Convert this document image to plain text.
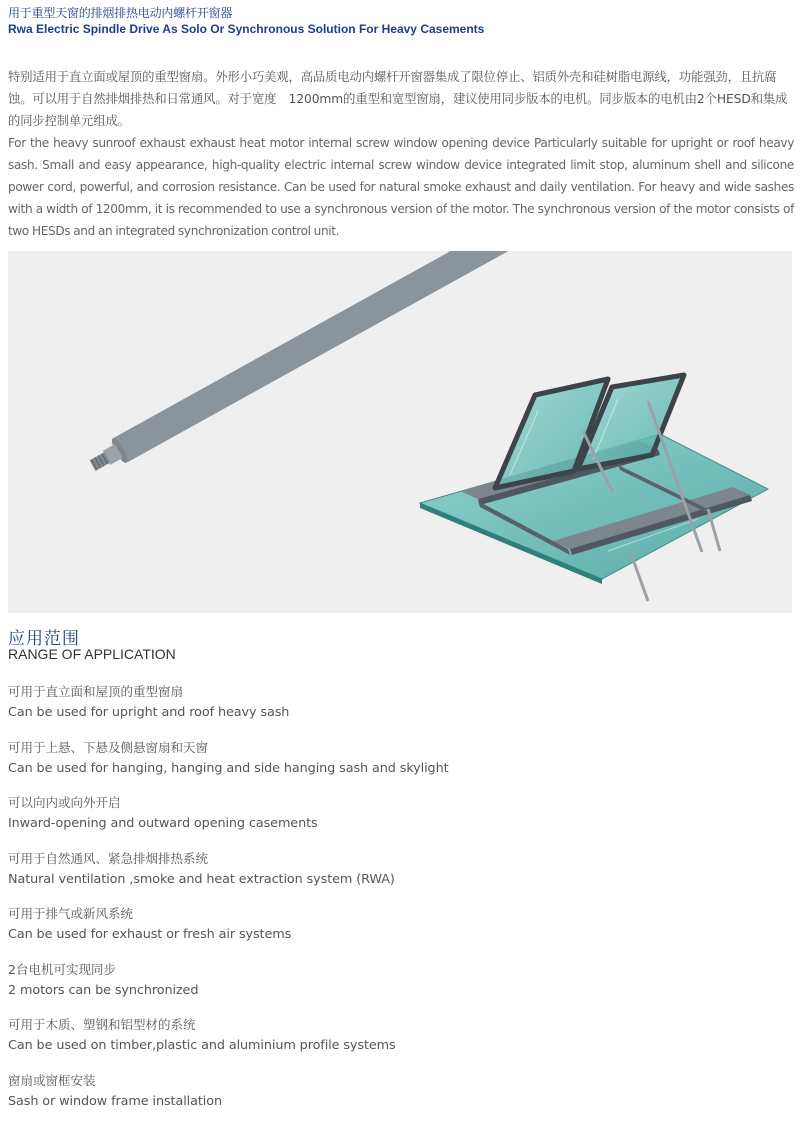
用于重型天窗的排烟排热电动内螺杆开窗器
Rwa Electric Spindle Drive As Solo Or Synchronous Solution For Heavy Casements
特别适用于直立面或屋顶的重型窗扇。外形小巧美观，高品质电动内螺杆开窗器集成了限位停止、铝质外壳和硅树脂电源线，功能强劲，且抗腐蚀。可以用于自然排烟排热和日常通风。对于宽度　1200mm的重型和宽型窗扇，建议使用同步版本的电机。同步版本的电机由2个HESD和集成的同步控制单元组成。
For the heavy sunroof exhaust exhaust heat motor internal screw window opening device Particularly suitable for upright or roof heavy sash. Small and easy appearance, high-quality electric internal screw window device integrated limit stop, aluminum shell and silicone power cord, powerful, and corrosion resistance. Can be used for natural smoke exhaust and daily ventilation. For heavy and wide sashes with a width of 1200mm, it is recommended to use a synchronous version of the motor. The synchronous version of the motor consists of two HESDs and an integrated synchronization control unit.
应用范围
RANGE OF APPLICATION
可用于直立面和屋顶的重型窗扇
Can be used for upright and roof heavy sash
可用于上悬、下悬及侧悬窗扇和天窗
Can be used for hanging, hanging and side hanging sash and skylight
可以向内或向外开启
Inward-opening and outward opening casements
可用于自然通风、紧急排烟排热系统
Natural ventilation ,smoke and heat extraction system (RWA)
可用于排气或新风系统
Can be used for exhaust or fresh air systems
2台电机可实现同步
2 motors can be synchronized
可用于木质、塑钢和铝型材的系统
Can be used on timber,plastic and aluminium profile systems
窗扇或窗框安装
Sash or window frame installation
